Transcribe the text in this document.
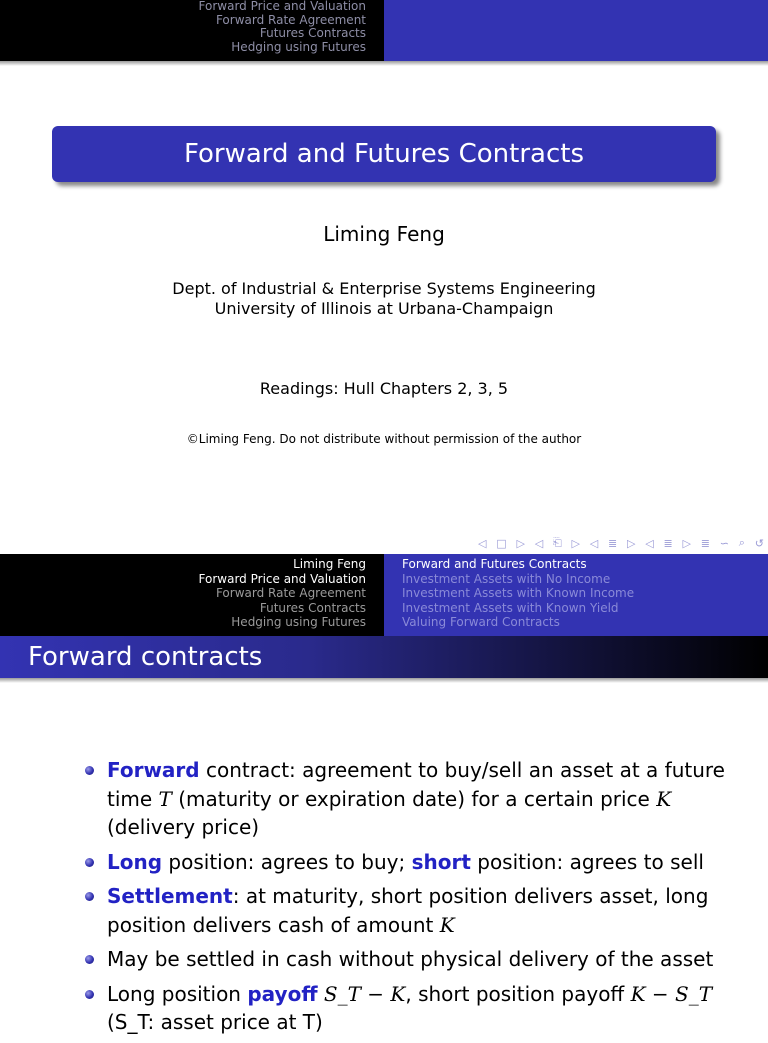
Forward Price and Valuation
Forward Rate Agreement
Futures Contracts
Hedging using Futures
Forward and Futures Contracts
Liming Feng
Dept. of Industrial & Enterprise Systems Engineering
University of Illinois at Urbana-Champaign
Readings: Hull Chapters 2, 3, 5
©Liming Feng. Do not distribute without permission of the author
◁ □ ▷ ◁ ⎗ ▷ ◁ ≣ ▷ ◁ ≣ ▷ ≣ ∽ ⌕ ↺
Liming Feng
Forward Price and Valuation
Forward Rate Agreement
Futures Contracts
Hedging using Futures
Forward and Futures Contracts
Investment Assets with No Income
Investment Assets with Known Income
Investment Assets with Known Yield
Valuing Forward Contracts
Forward contracts
Forward contract: agreement to buy/sell an asset at a future time T (maturity or expiration date) for a certain price K (delivery price)
Long position: agrees to buy; short position: agrees to sell
Settlement: at maturity, short position delivers asset, long position delivers cash of amount K
May be settled in cash without physical delivery of the asset
Long position payoff S_T − K, short position payoff K − S_T
(S_T: asset price at T)
